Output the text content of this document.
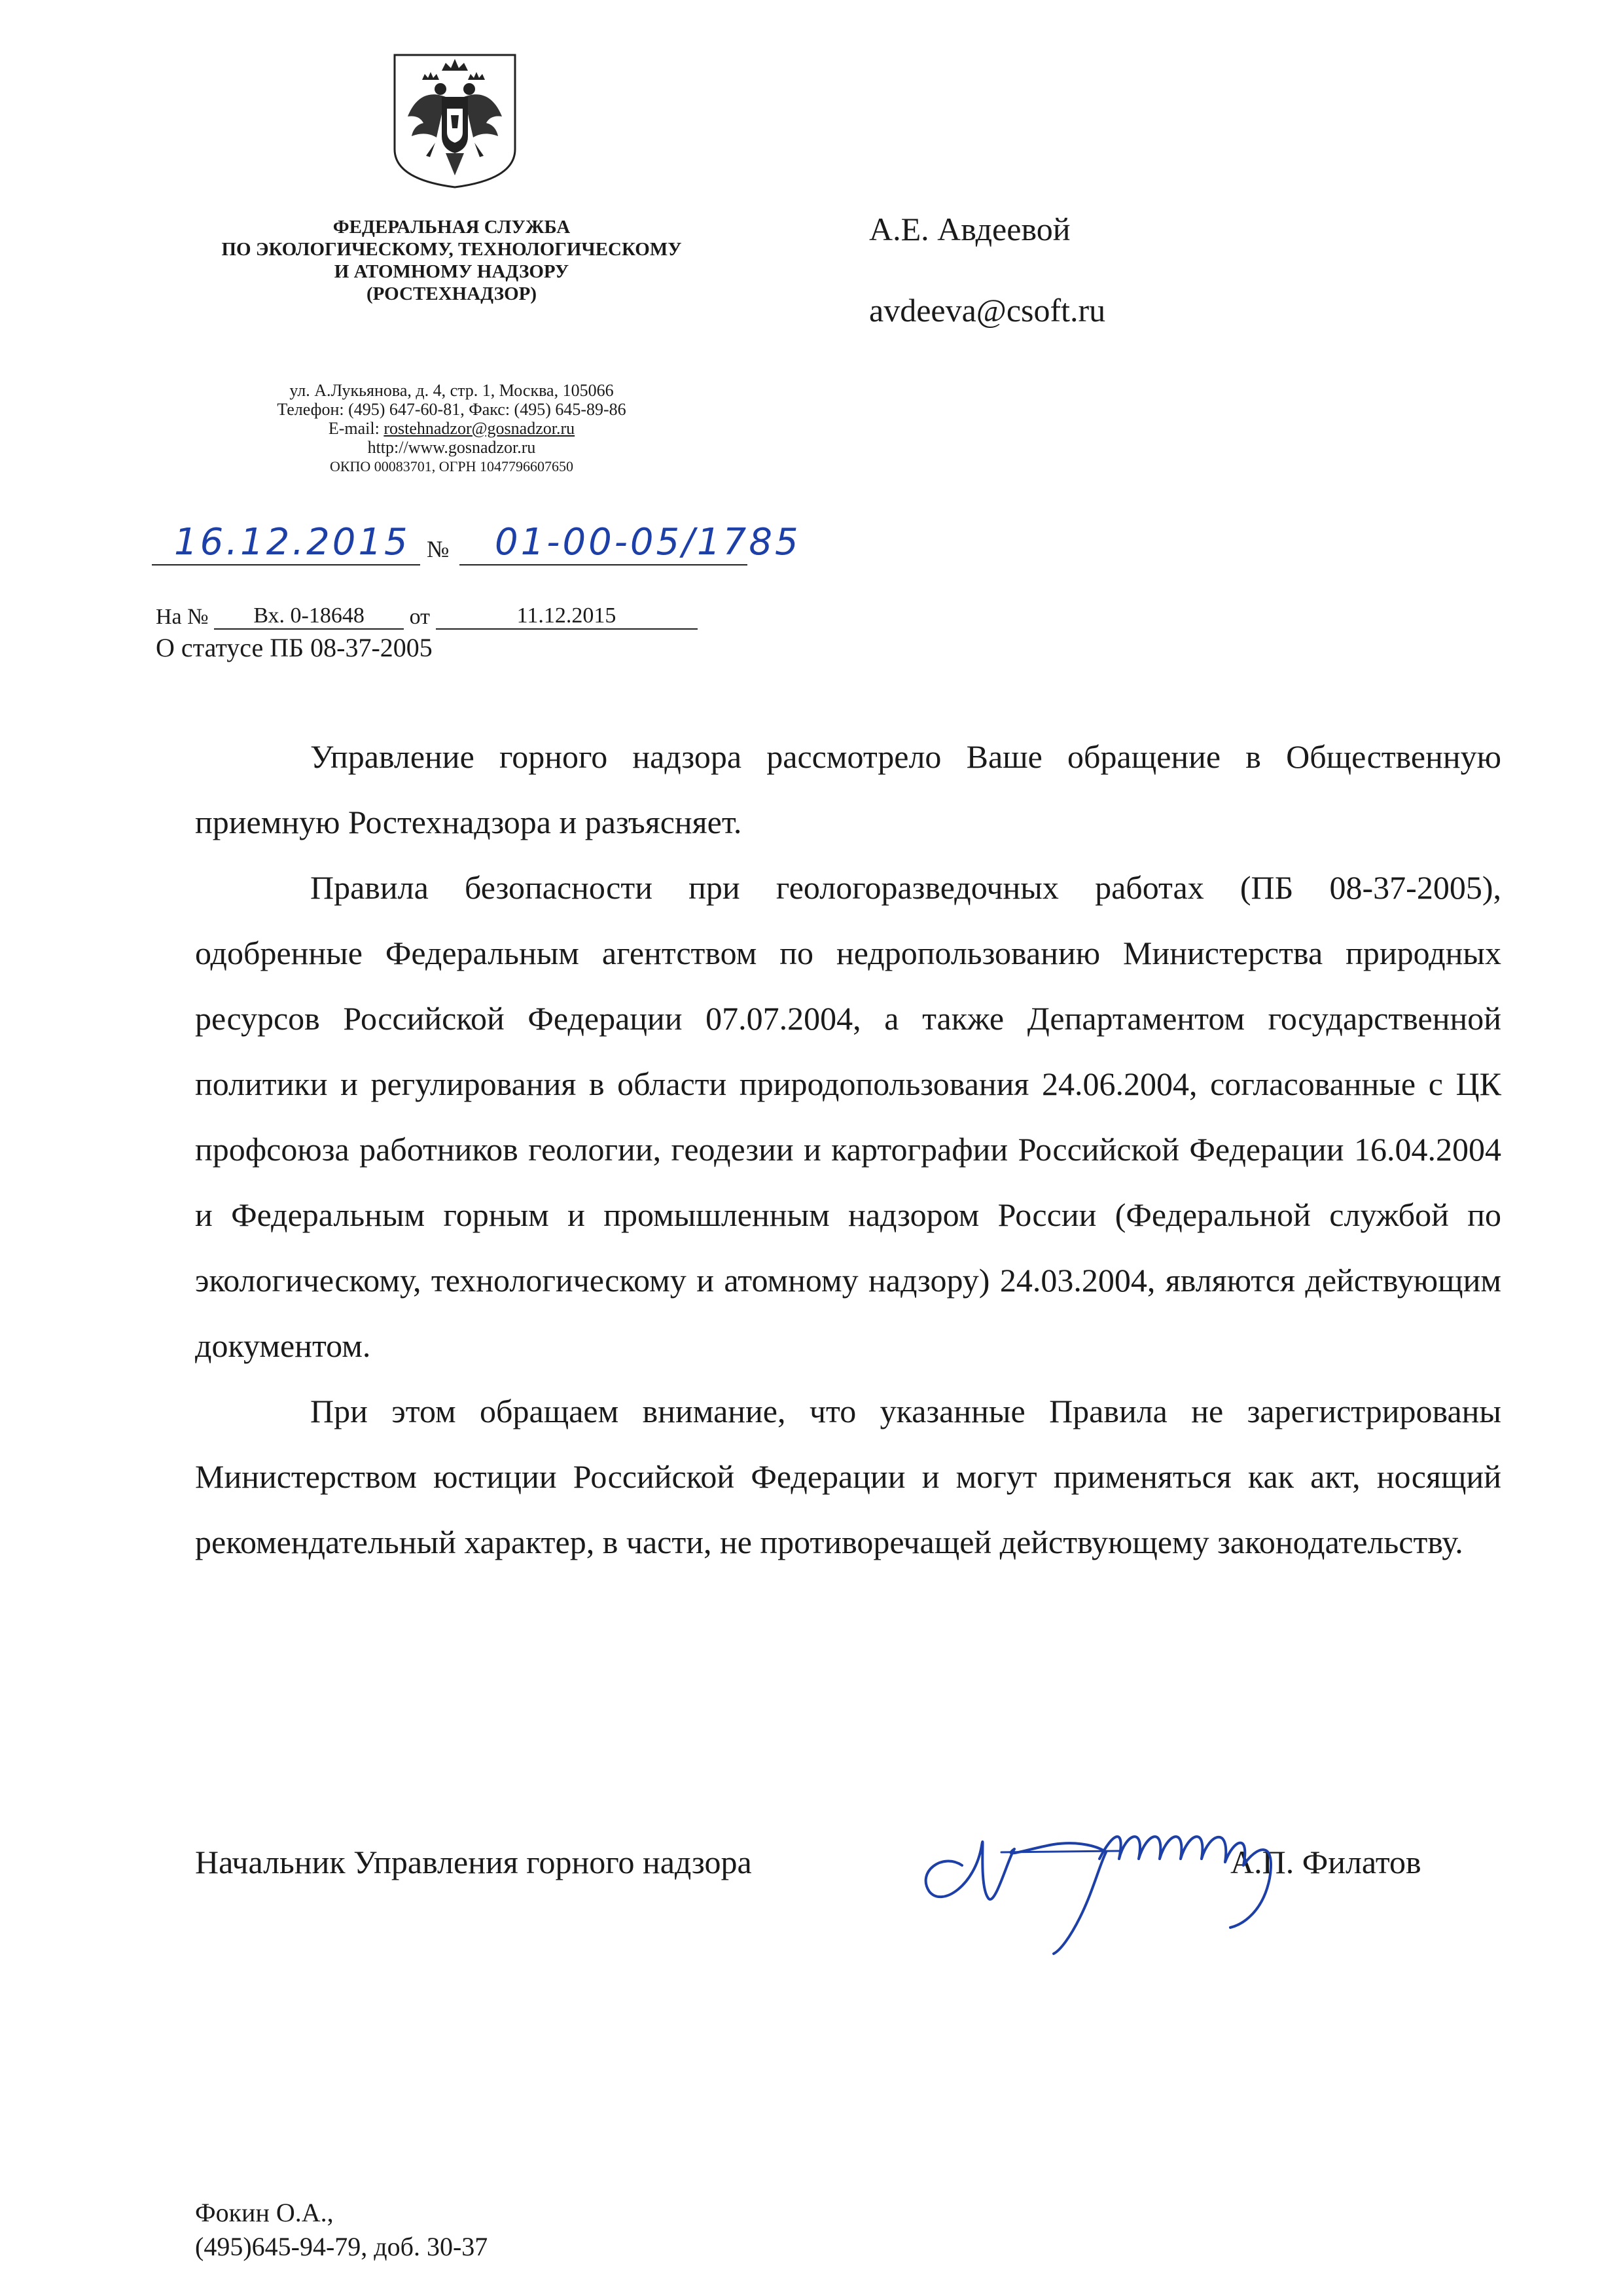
ФЕДЕРАЛЬНАЯ СЛУЖБА
ПО ЭКОЛОГИЧЕСКОМУ, ТЕХНОЛОГИЧЕСКОМУ
И АТОМНОМУ НАДЗОРУ
(РОСТЕХНАДЗОР)
ул. А.Лукьянова, д. 4, стр. 1, Москва, 105066
Телефон: (495) 647-60-81, Факс: (495) 645-89-86
E-mail: rostehnadzor@gosnadzor.ru
http://www.gosnadzor.ru
ОКПО 00083701, ОГРН 1047796607650
А.Е. Авдеевой
avdeeva@csoft.ru
16.12.2015 № 01-00-05/1785
На № Вх. 0-18648 от	11.12.2015
О статусе ПБ 08-37-2005

Управление горного надзора рассмотрело Ваше обращение в Общественную приемную Ростехнадзора и разъясняет.

Правила безопасности при геологоразведочных работах (ПБ 08-37-2005), одобренные Федеральным агентством по недропользованию Министерства природных ресурсов Российской Федерации 07.07.2004, а также Департаментом государственной политики и регулирования в области природопользования 24.06.2004, согласованные с ЦК профсоюза работников геологии, геодезии и картографии Российской Федерации 16.04.2004 и Федеральным горным и промышленным надзором России (Федеральной службой по экологическому, технологическому и атомному надзору) 24.03.2004, являются действующим документом.

При этом обращаем внимание, что указанные Правила не зарегистрированы Министерством юстиции Российской Федерации и могут применяться как акт, носящий рекомендательный характер, в части, не противоречащей действующему законодательству.

Начальник Управления горного надзора	А.П. Филатов
Фокин О.А.,
(495)645-94-79, доб. 30-37
